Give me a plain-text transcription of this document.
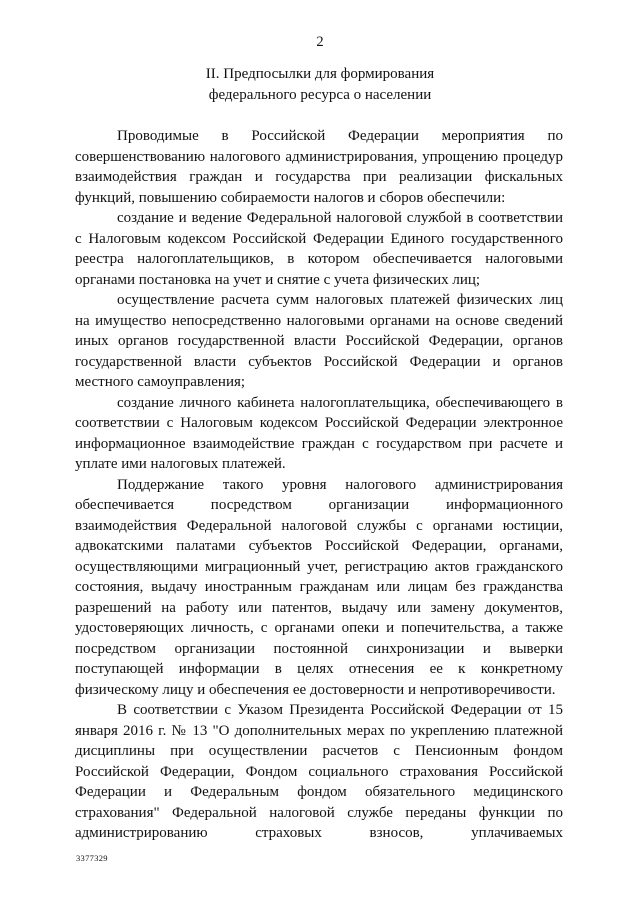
2
II. Предпосылки для формирования
федерального ресурса о населении

Проводимые в Российской Федерации мероприятия по совершенствованию налогового администрирования, упрощению процедур взаимодействия граждан и государства при реализации фискальных функций, повышению собираемости налогов и сборов обеспечили:

создание и ведение Федеральной налоговой службой в соответствии с Налоговым кодексом Российской Федерации Единого государственного реестра налогоплательщиков, в котором обеспечивается налоговыми органами постановка на учет и снятие с учета физических лиц;

осуществление расчета сумм налоговых платежей физических лиц на имущество непосредственно налоговыми органами на основе сведений иных органов государственной власти Российской Федерации, органов государственной власти субъектов Российской Федерации и органов местного самоуправления;

создание личного кабинета налогоплательщика, обеспечивающего в соответствии с Налоговым кодексом Российской Федерации электронное информационное взаимодействие граждан с государством при расчете и уплате ими налоговых платежей.

Поддержание такого уровня налогового администрирования обеспечивается посредством организации информационного взаимодействия Федеральной налоговой службы с органами юстиции, адвокатскими палатами субъектов Российской Федерации, органами, осуществляющими миграционный учет, регистрацию актов гражданского состояния, выдачу иностранным гражданам или лицам без гражданства разрешений на работу или патентов, выдачу или замену документов, удостоверяющих личность, с органами опеки и попечительства, а также посредством организации постоянной синхронизации и выверки поступающей информации в целях отнесения ее к конкретному физическому лицу и обеспечения ее достоверности и непротиворечивости.

В соответствии с Указом Президента Российской Федерации от 15 января 2016 г. № 13 "О дополнительных мерах по укреплению платежной дисциплины при осуществлении расчетов с Пенсионным фондом Российской Федерации, Фондом социального страхования Российской Федерации и Федеральным фондом обязательного медицинского страхования" Федеральной налоговой службе переданы функции по администрированию страховых взносов, уплачиваемых

3377329
